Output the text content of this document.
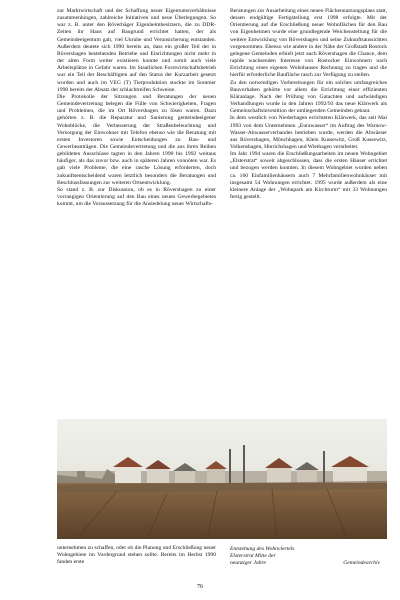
zur Marktwirtschaft und der Schaffung neuer Eigentumsverhältnisse zusammenhingen, zahlreiche Initiativen und neue Überlegungen. So war z. B. unter den Röverhäger Eigenheimbesitzern, die zu DDR-Zeiten ihr Haus auf Baugrund errichtet hatten, der als Gemeindeeigentum galt, viel Unruhe und Verunsicherung entstanden. Außerdem deutete sich 1990 bereits an, dass ein großer Teil der in Rövershagen bestehenden Betriebe und Einrichtungen nicht mehr in der alten Form weiter existieren konnte und somit auch viele Arbeitsplätze in Gefahr waren. Im Staatlichen Forstwirtschaftsbetrieb war ein Teil der Beschäftigten auf den Status der Kurzarbeit gesetzt worden und auch im VEG (T) Tierproduktion stockte im Sommer 1990 bereits der Absatz der schlachtreifen Schweine.

Die Protokolle der Sitzungen und Beratungen der neuen Gemeindevertretung belegen die Fülle von Schwierigkeiten, Fragen und Problemen, die im Ort Rövershagen zu lösen waren. Dazu gehörten z. B. die Reparatur und Sanierung gemeindeeigener Wohnblöcke, die Verbesserung der Straßenbeleuchtung und Versorgung der Einwohner mit Telefon ebenso wie die Beratung mit ersten Investoren sowie Entscheidungen zu Bau- und Gewerbeanträgen. Die Gemeindevertretung und die aus ihren Reihen gebildeten Ausschüsse tagten in den Jahren 1990 bis 1992 weitaus häufiger, als das zuvor bzw. auch in späteren Jahren vonnöten war. Es gab viele Probleme, die eine rasche Lösung erforderten, doch zukunftsentscheidend waren letztlich besonders die Beratungen und Beschlussfassungen zur weiteren Ortsentwicklung.

So stand z. B. zur Diskussion, ob es in Rövershagen zu einer vorrangigen Orientierung auf den Bau eines neuen Gewerbegebietes kommt, um die Voraussetzung für die Ansiedelung neuer Wirtschafts-

Beratungen zur Ausarbeitung eines neuen Flächennutzungsplans statt, dessen endgültige Fertigstellung erst 1998 erfolgte. Mit der Orientierung auf die Erschließung neuer Wohnflächen für den Bau von Eigenheimen wurde eine grundlegende Weichenstellung für die weitere Entwicklung von Rövershagen und seine Zukunftsaussichten vorgenommen. Ebenso wie andere in der Nähe der Großstadt Rostock gelegene Gemeinden erhielt jetzt auch Rövershagen die Chance, dem rapide wachsenden Interesse von Rostocker Einwohnern nach Errichtung eines eigenen Wohnhauses Rechnung zu tragen und die hierfür erforderliche Baufläche rasch zur Verfügung zu stellen.

Zu den notwendigen Vorbereitungen für ein solches umfangreiches Bauvorhaben gehörte vor allem die Errichtung einer effizienten Kläranlage. Nach der Prüfung von Gutachten und aufwändigen Verhandlungen wurde in den Jahren 1992/93 das neue Klärwerk als Gemeinschaftsinvestition der umliegenden Gemeinden gebaut.

In dem westlich von Niederhagen errichteten Klärwerk, das seit Mai 1993 von dem Unternehmen „Eurawasser“ im Auftrag des Warnow-Wasser-Abwasserverbandes betrieben wurde, werden die Abwässer aus Rövershagen, Mönchhagen, Klein Kussewitz, Groß Kussewitz, Volkenshagen, Hinrichshagen und Wiethagen verarbeitet.

Im Jahr 1994 waren die Erschließungsarbeiten im neuen Wohngebiet „Elsterstrat“ soweit abgeschlossen, dass die ersten Häuser errichtet und bezogen werden konnten. In diesem Wohngebiet wurden neben ca. 160 Einfamilienhäusern auch 7 Mehrfamilienwohnhäuser mit insgesamt 54 Wohnungen errichtet. 1995 wurde außerdem als eine kleinere Anlage der „Wohnpark am Kirchturm“ mit 33 Wohnungen fertig gestellt.

unternehmen zu schaffen, oder ob die Planung und Erschließung neuer Wohngebiete im Vordergrund stehen sollte. Bereits im Herbst 1990 fanden erste
Entstehung des Wohnviertels
Elsterstrat Mitte der
neunziger Jahre	Gemeindearchiv
76
